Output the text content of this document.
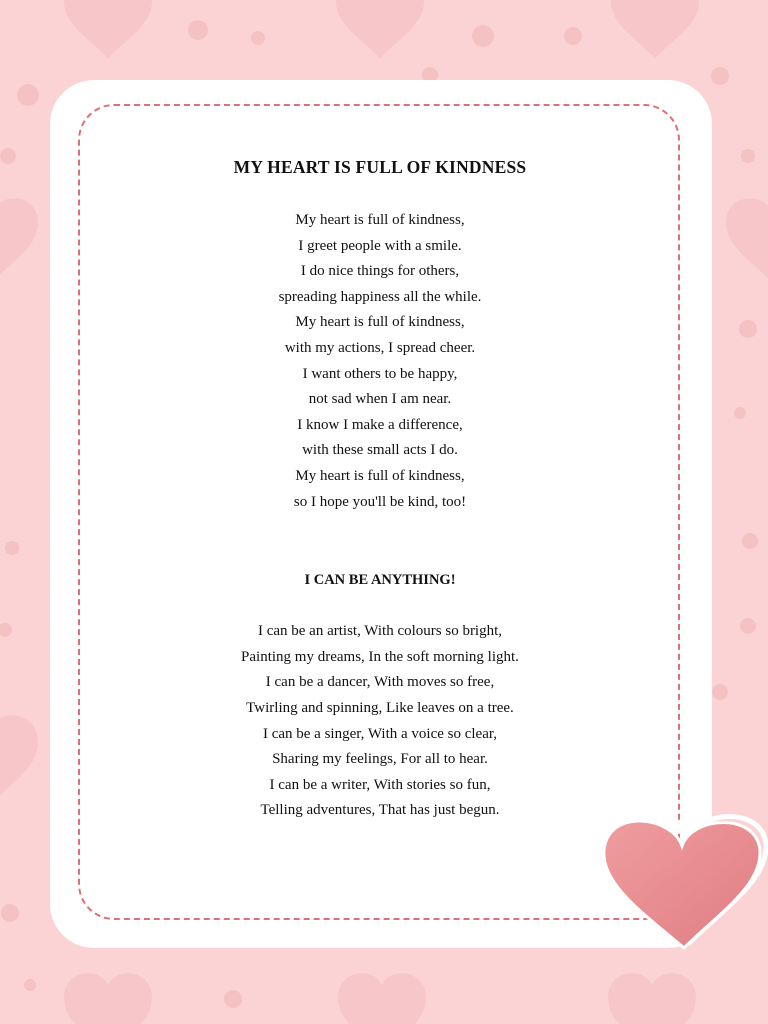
MY HEART IS FULL OF KINDNESS
My heart is full of kindness,
I greet people with a smile.
I do nice things for others,
spreading happiness all the while.
My heart is full of kindness,
with my actions, I spread cheer.
I want others to be happy,
not sad when I am near.
I know I make a difference,
with these small acts I do.
My heart is full of kindness,
so I hope you'll be kind, too!
I CAN BE ANYTHING!
I can be an artist, With colours so bright,
Painting my dreams, In the soft morning light.
I can be a dancer, With moves so free,
Twirling and spinning, Like leaves on a tree.
I can be a singer, With a voice so clear,
Sharing my feelings, For all to hear.
I can be a writer, With stories so fun,
Telling adventures, That has just begun.
